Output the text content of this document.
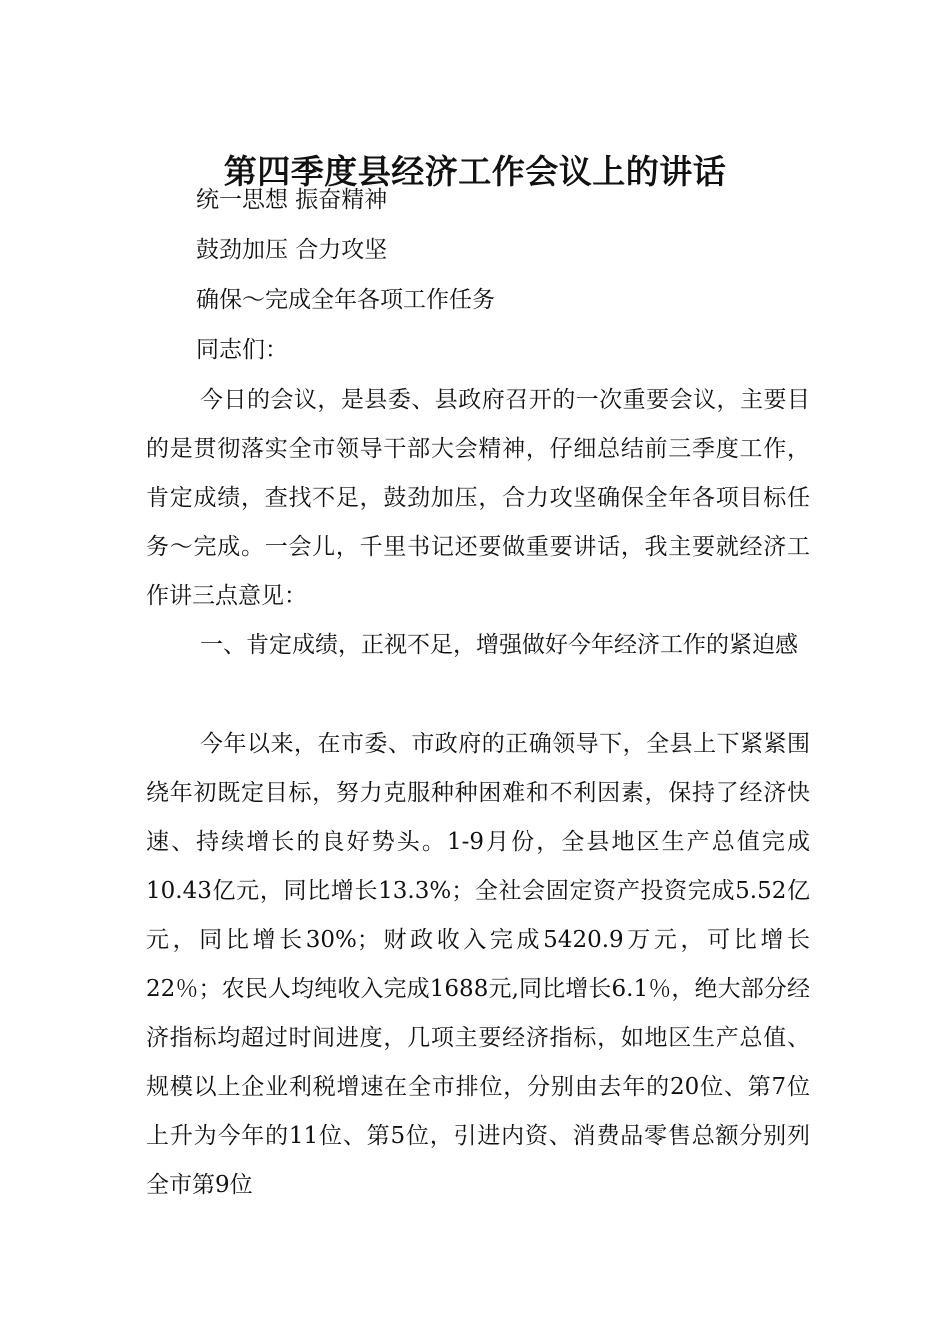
第四季度县经济工作会议上的讲话
统一思想 振奋精神
鼓劲加压 合力攻坚
确保～完成全年各项工作任务
同志们：

今日的会议，是县委、县政府召开的一次重要会议，主要目的是贯彻落实全市领导干部大会精神，仔细总结前三季度工作，肯定成绩，查找不足，鼓劲加压，合力攻坚确保全年各项目标任务～完成。一会儿，千里书记还要做重要讲话，我主要就经济工作讲三点意见：

一、肯定成绩，正视不足，增强做好今年经济工作的紧迫感

今年以来，在市委、市政府的正确领导下，全县上下紧紧围绕年初既定目标，努力克服种种困难和不利因素，保持了经济快速、持续增长的良好势头。1-9月份，全县地区生产总值完成10.43亿元，同比增长13.3%；全社会固定资产投资完成5.52亿元，同比增长30%；财政收入完成5420.9万元，可比增长22％；农民人均纯收入完成1688元,同比增长6.1％，绝大部分经济指标均超过时间进度，几项主要经济指标，如地区生产总值、规模以上企业利税增速在全市排位，分别由去年的20位、第7位上升为今年的11位、第5位，引进内资、消费品零售总额分别列全市第9位
